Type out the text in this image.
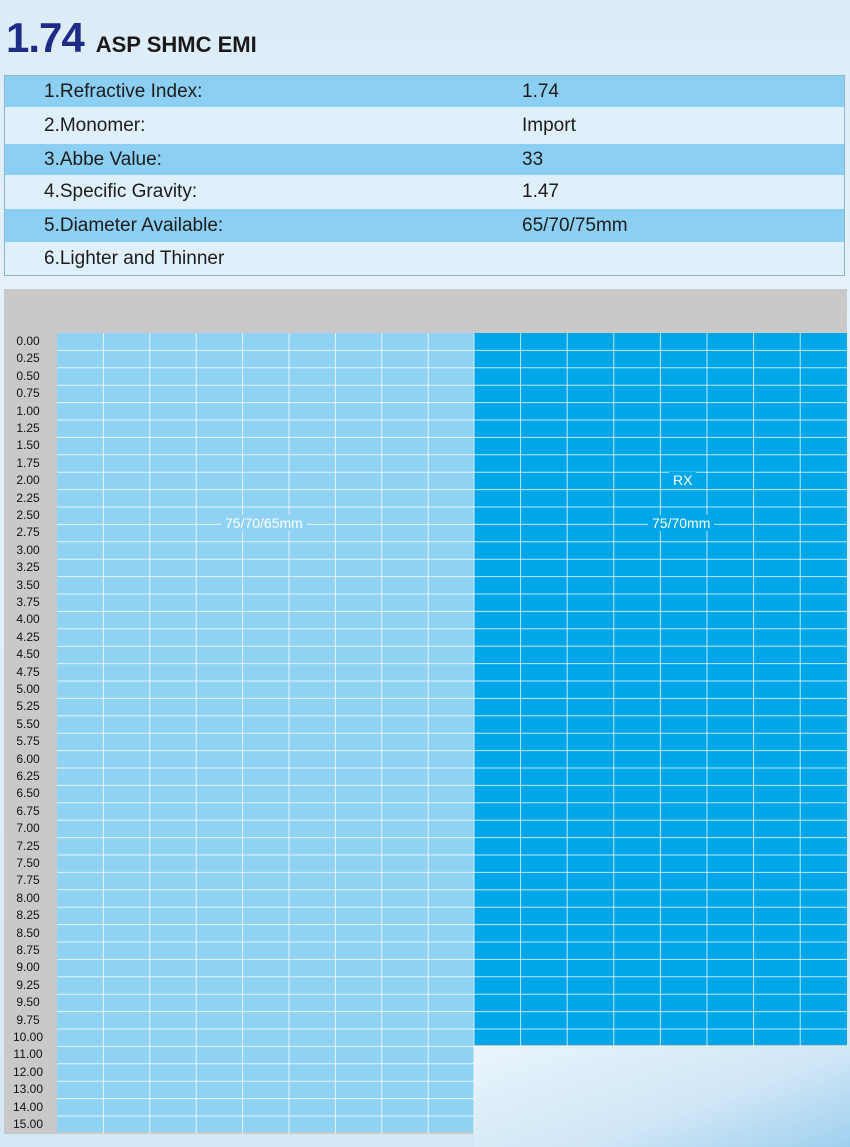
1.74 ASP SHMC EMI
1.Refractive Index:	1.74
2.Monomer:	Import
3.Abbe Value:	33
4.Specific Gravity:	1.47
5.Diameter Available:	65/70/75mm
6.Lighter and Thinner
0.00
0.25
0.50
0.75
1.00
1.25
1.50
1.75
2.00
2.25
2.50
2.75
3.00
3.25
3.50
3.75
4.00
4.25
4.50
4.75
5.00
5.25
5.50
5.75
6.00
6.25
6.50
6.75
7.00
7.25
7.50
7.75
8.00
8.25
8.50
8.75
9.00
9.25
9.50
9.75
10.00
11.00
12.00
13.00
14.00
15.00
75/70/65mm
RX
75/70mm
